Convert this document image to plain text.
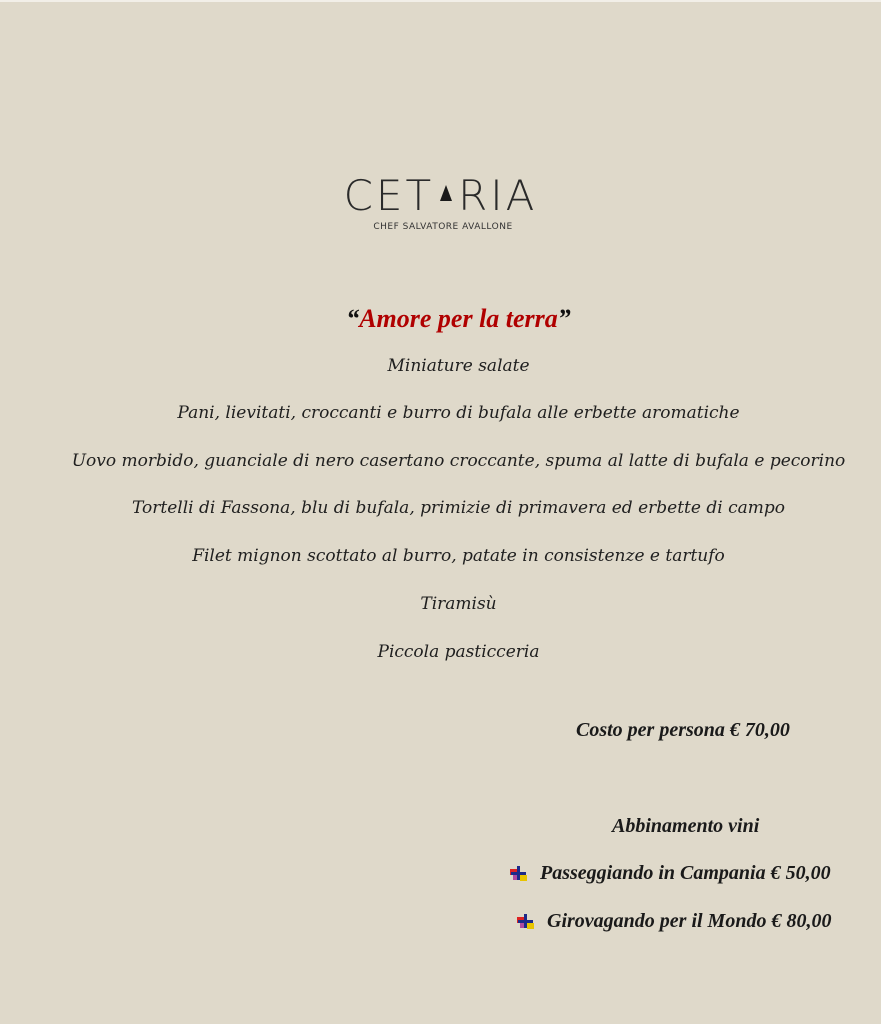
CET RIA
CHEF SALVATORE AVALLONE
“Amore per la terra”
Miniature salate
Pani, lievitati, croccanti e burro di bufala alle erbette aromatiche
Uovo morbido, guanciale di nero casertano croccante, spuma al latte di bufala e pecorino
Tortelli di Fassona, blu di bufala, primizie di primavera ed erbette di campo
Filet mignon scottato al burro, patate in consistenze e tartufo
Tiramisù
Piccola pasticceria
Costo per persona € 70,00
Abbinamento vini
Passeggiando in Campania € 50,00
Girovagando per il Mondo € 80,00
